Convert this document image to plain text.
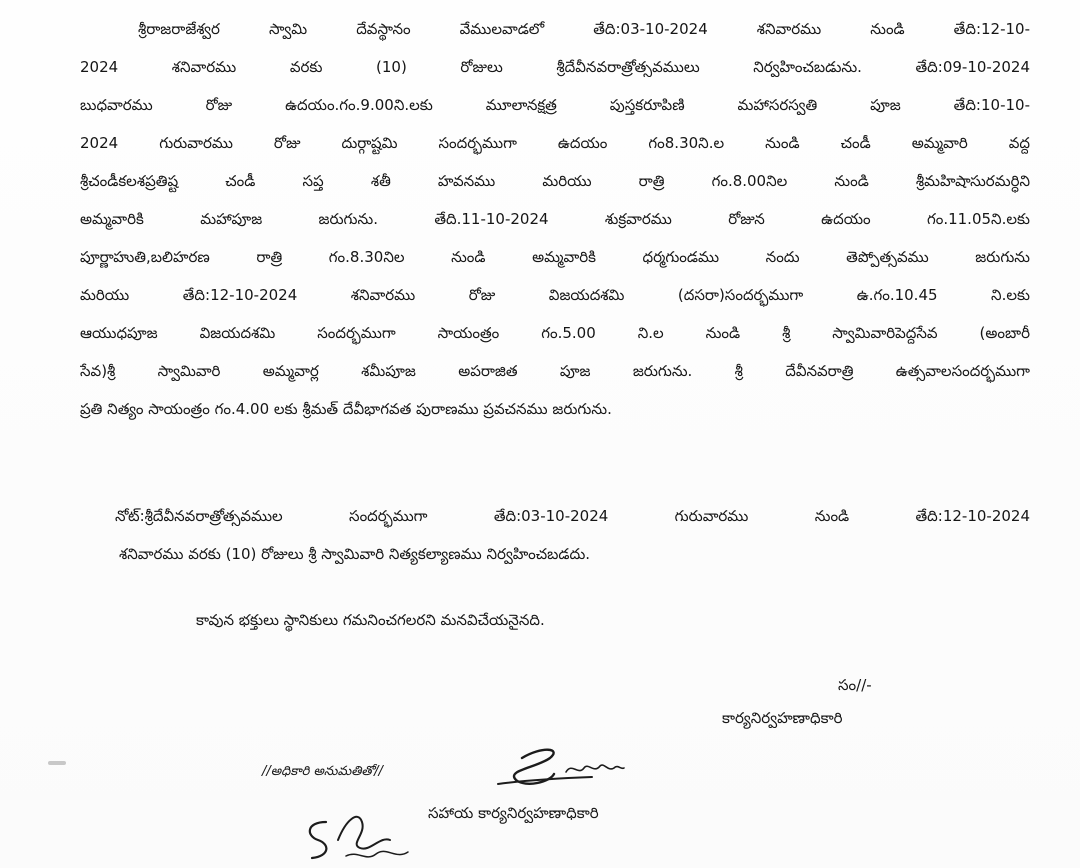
శ్రీరాజరాజేశ్వర స్వామి దేవస్థానం వేములవాడలో తేది:03-10-2024 శనివారము నుండి తేది:12-10-
2024 శనివారము వరకు (10) రోజులు శ్రీదేవీనవరాత్రోత్సవములు నిర్వహించబడును. తేది:09-10-2024
బుధవారము రోజు ఉదయం.గం.9.00ని.లకు మూలానక్షత్ర పుస్తకరూపిణి మహాసరస్వతి పూజ తేది:10-10-
2024 గురువారము రోజు దుర్గాష్టమి సందర్భముగా ఉదయం గం8.30ని.ల నుండి చండీ అమ్మవారి వద్ద
శ్రీచండీకలశప్రతిష్ట చండీ సప్త శతీ హవనము మరియు రాత్రి గం.8.00నిల నుండి శ్రీమహిషాసురమర్ధిని
అమ్మవారికి మహాపూజ జరుగును. తేది.11-10-2024 శుక్రవారము రోజున ఉదయం గం.11.05ని.లకు
పూర్ణాహుతి,బలిహరణ రాత్రి గం.8.30నిల నుండి అమ్మవారికి ధర్మగుండము నందు తెప్పోత్సవము జరుగును
మరియు తేది:12-10-2024 శనివారము రోజు విజయదశమి (దసరా)సందర్భముగా ఉ.గం.10.45 ని.లకు
ఆయుధపూజ విజయదశమి సందర్భముగా సాయంత్రం గం.5.00 ని.ల నుండి శ్రీ స్వామివారిపెద్దసేవ (అంబారీ
సేవ)శ్రీ స్వామివారి అమ్మవార్ల శమీపూజ అపరాజిత పూజ జరుగును. శ్రీ దేవీనవరాత్రి ఉత్సవాలసందర్భముగా
ప్రతి నిత్యం సాయంత్రం గం.4.00 లకు శ్రీమత్ దేవీభాగవత పురాణము ప్రవచనము జరుగును.
నోట్:శ్రీదేవీనవరాత్రోత్సవముల సందర్భముగా తేది:03-10-2024 గురువారము నుండి తేది:12-10-2024
శనివారము వరకు (10) రోజులు శ్రీ స్వామివారి నిత్యకల్యాణము నిర్వహించబడదు.
కావున భక్తులు స్థానికులు గమనించగలరని మనవిచేయనైనది.
సం//-
కార్యనిర్వహణాధికారి
//అధికారి అనుమతితో//
సహాయ కార్యనిర్వహణాధికారి
